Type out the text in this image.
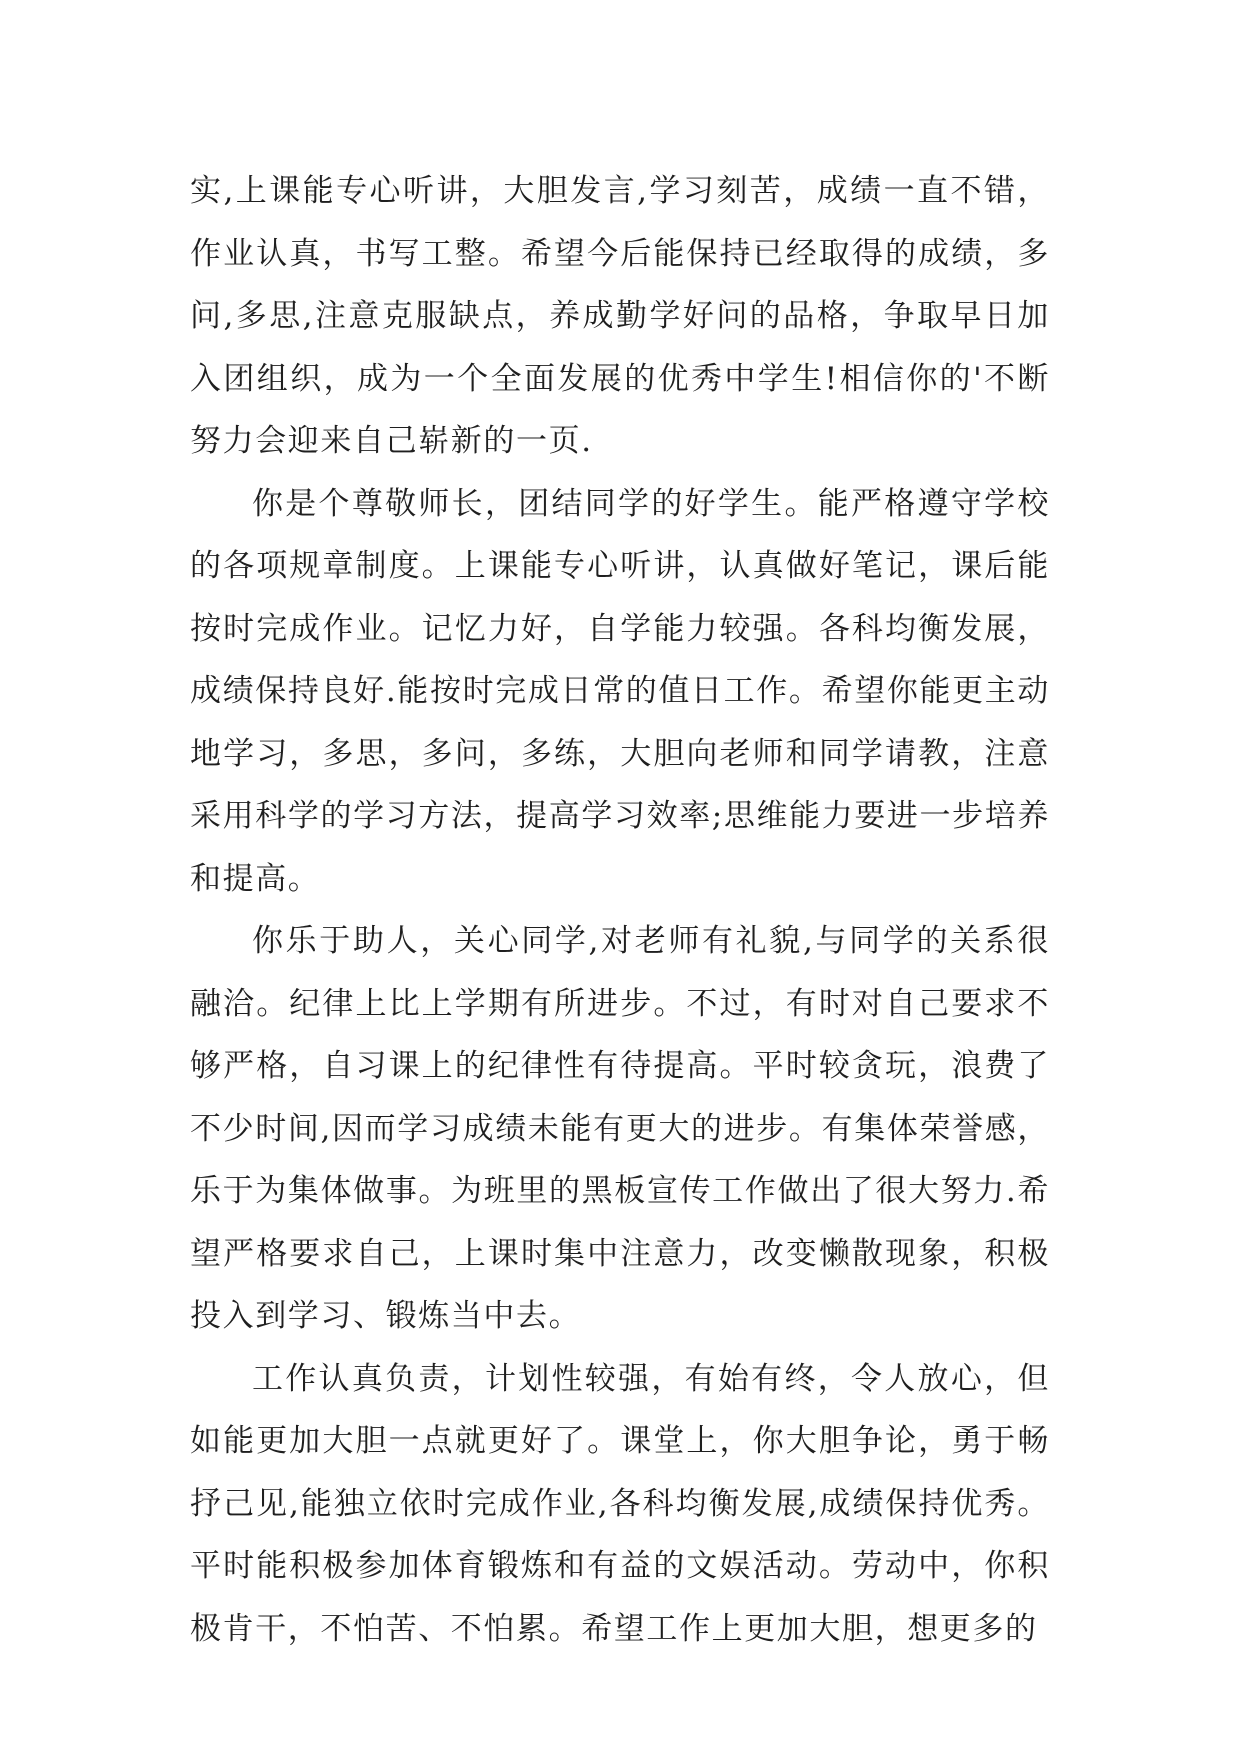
实,上课能专心听讲，大胆发言,学习刻苦，成绩一直不错，作业认真，书写工整。希望今后能保持已经取得的成绩，多问,多思,注意克服缺点，养成勤学好问的品格，争取早日加入团组织，成为一个全面发展的优秀中学生!相信你的'不断努力会迎来自己崭新的一页.

你是个尊敬师长，团结同学的好学生。能严格遵守学校的各项规章制度。上课能专心听讲，认真做好笔记，课后能按时完成作业。记忆力好，自学能力较强。各科均衡发展，成绩保持良好.能按时完成日常的值日工作。希望你能更主动地学习，多思，多问，多练，大胆向老师和同学请教，注意采用科学的学习方法，提高学习效率;思维能力要进一步培养和提高。

你乐于助人，关心同学,对老师有礼貌,与同学的关系很融洽。纪律上比上学期有所进步。不过，有时对自己要求不够严格，自习课上的纪律性有待提高。平时较贪玩，浪费了不少时间,因而学习成绩未能有更大的进步。有集体荣誉感，乐于为集体做事。为班里的黑板宣传工作做出了很大努力.希望严格要求自己，上课时集中注意力，改变懒散现象，积极投入到学习、锻炼当中去。

工作认真负责，计划性较强，有始有终，令人放心，但如能更加大胆一点就更好了。课堂上，你大胆争论，勇于畅抒己见,能独立依时完成作业,各科均衡发展,成绩保持优秀。平时能积极参加体育锻炼和有益的文娱活动。劳动中，你积极肯干，不怕苦、不怕累。希望工作上更加大胆，想更多的
